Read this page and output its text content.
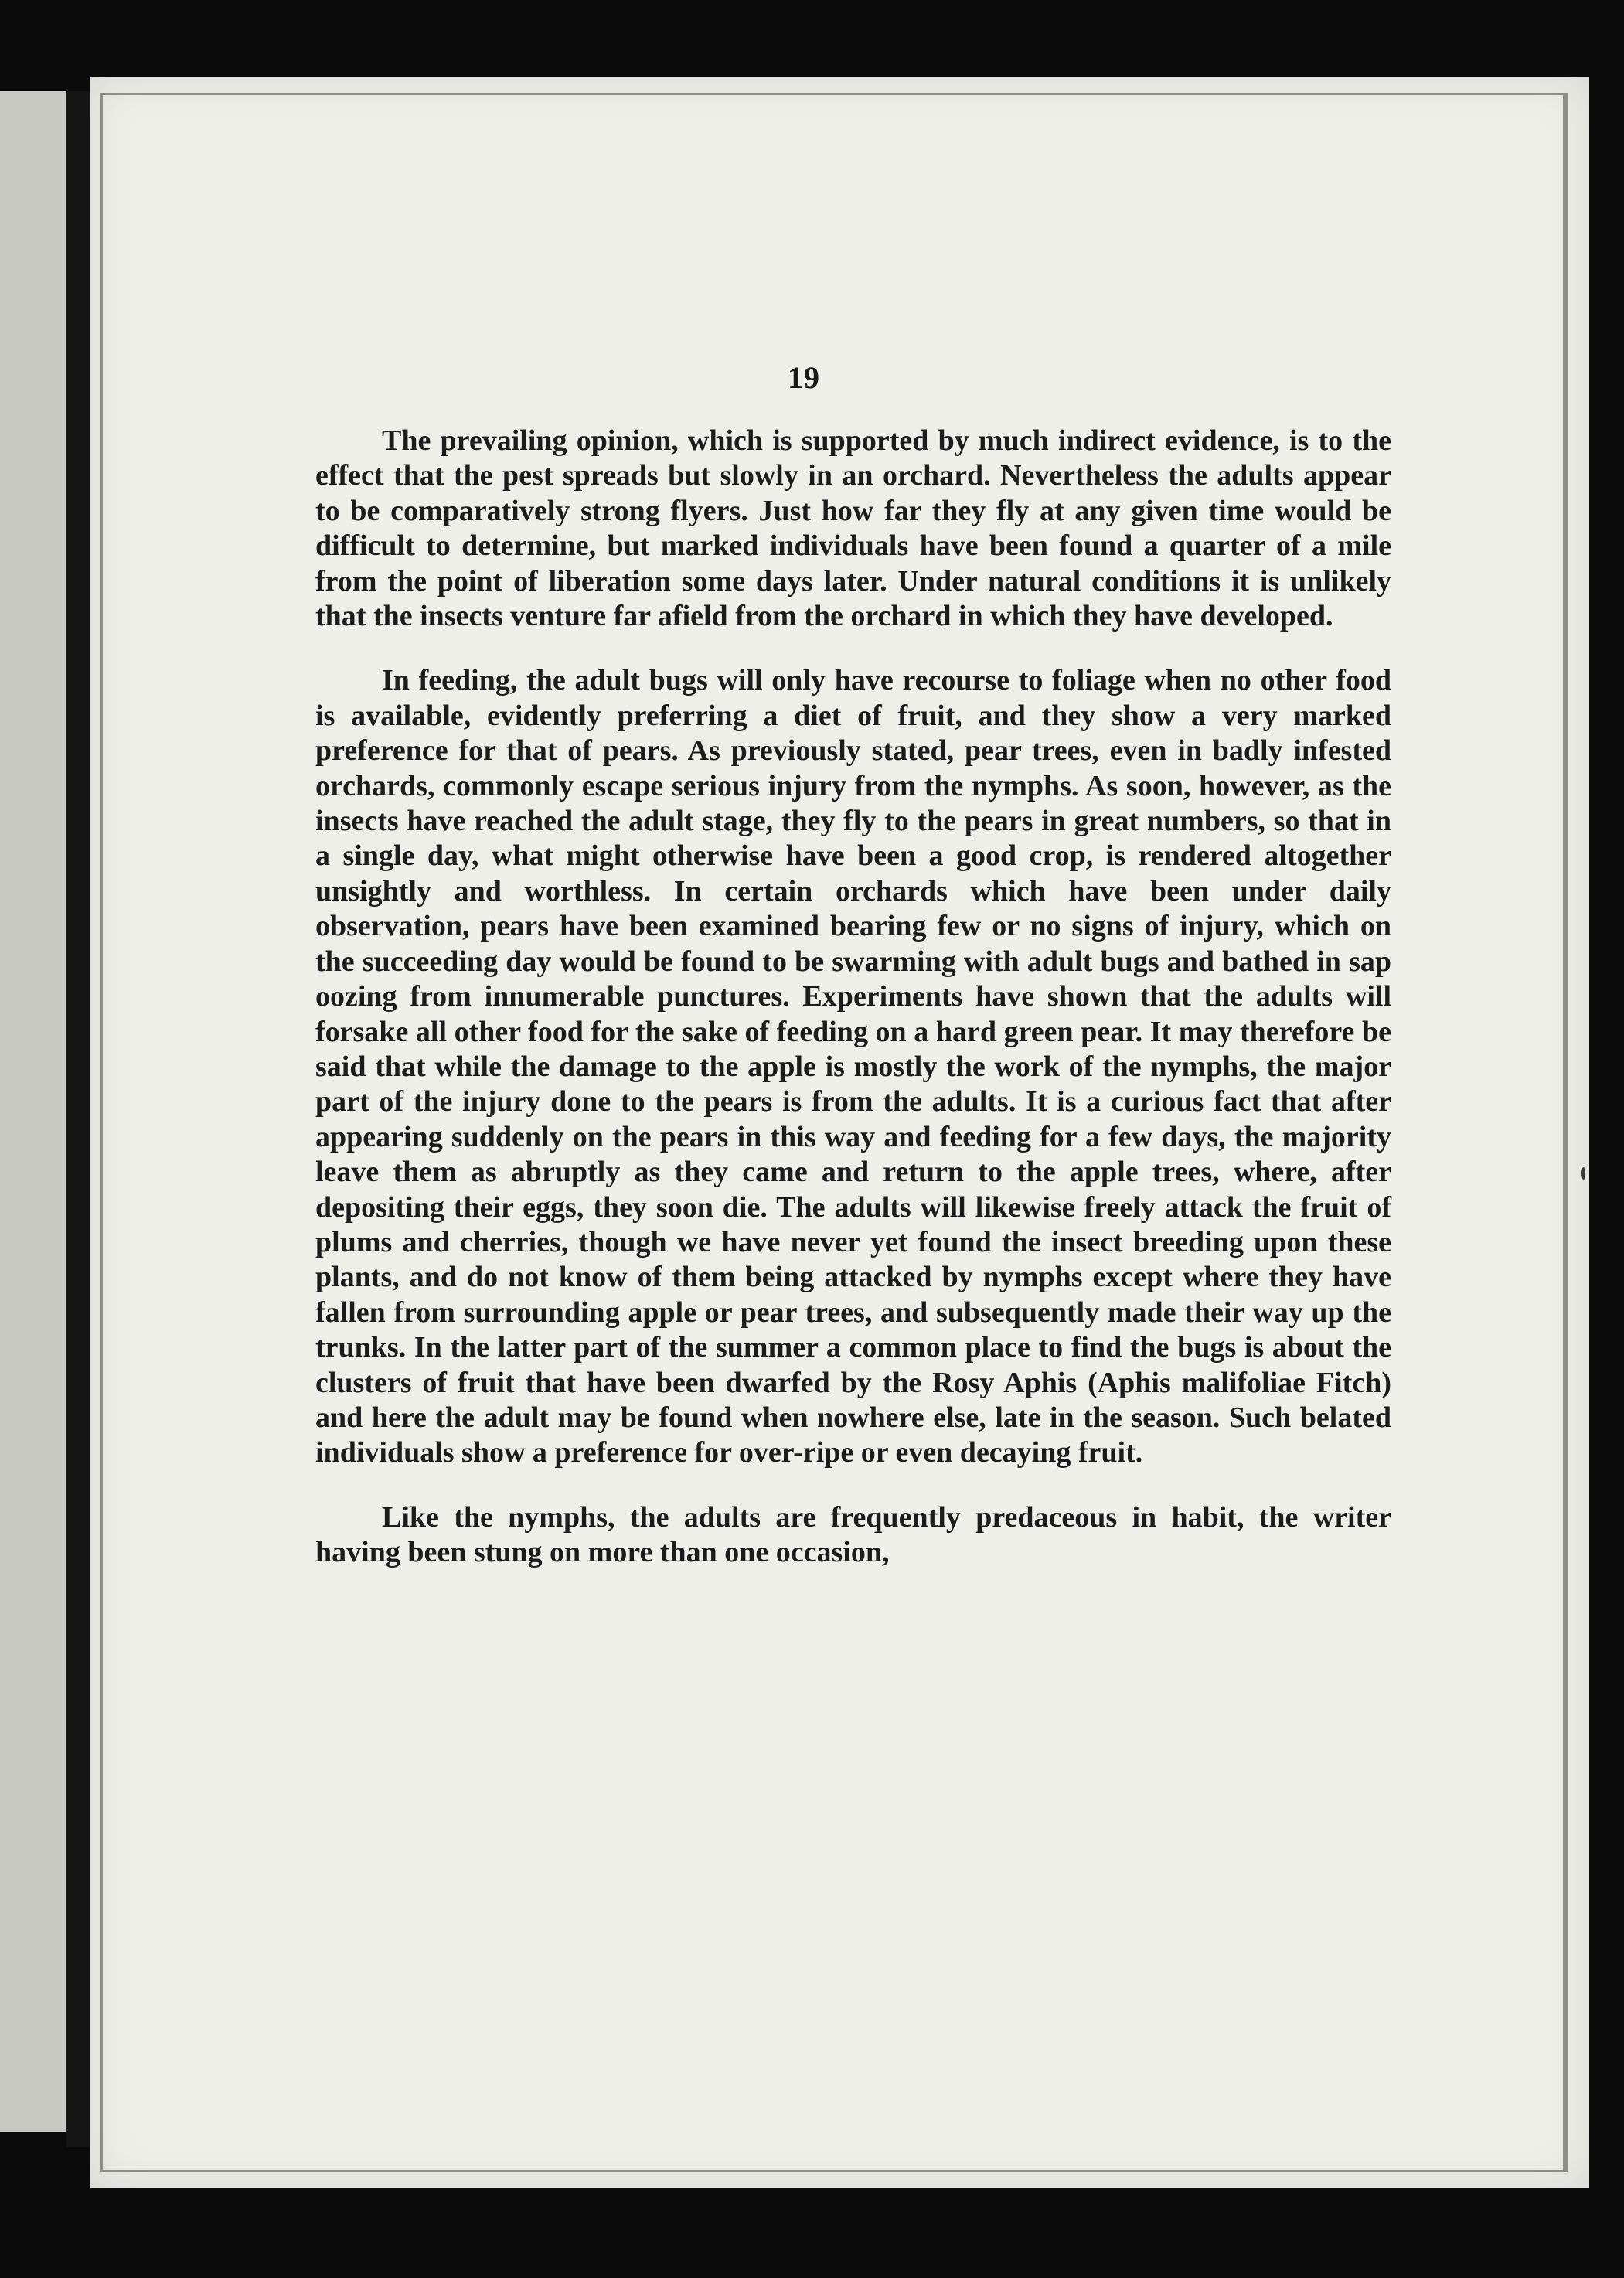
19

The prevailing opinion, which is supported by much indirect evidence, is to the effect that the pest spreads but slowly in an orchard. Nevertheless the adults appear to be comparatively strong flyers. Just how far they fly at any given time would be difficult to determine, but marked individuals have been found a quarter of a mile from the point of liberation some days later. Under natural conditions it is unlikely that the insects venture far afield from the orchard in which they have developed.

In feeding, the adult bugs will only have recourse to foliage when no other food is available, evidently preferring a diet of fruit, and they show a very marked preference for that of pears. As previously stated, pear trees, even in badly infested orchards, commonly escape serious injury from the nymphs. As soon, however, as the insects have reached the adult stage, they fly to the pears in great numbers, so that in a single day, what might otherwise have been a good crop, is rendered altogether unsightly and worthless. In certain orchards which have been under daily observation, pears have been examined bearing few or no signs of injury, which on the succeeding day would be found to be swarming with adult bugs and bathed in sap oozing from innumerable punctures. Experiments have shown that the adults will forsake all other food for the sake of feeding on a hard green pear. It may therefore be said that while the damage to the apple is mostly the work of the nymphs, the major part of the injury done to the pears is from the adults. It is a curious fact that after appearing suddenly on the pears in this way and feeding for a few days, the majority leave them as abruptly as they came and return to the apple trees, where, after depositing their eggs, they soon die. The adults will likewise freely attack the fruit of plums and cherries, though we have never yet found the insect breeding upon these plants, and do not know of them being attacked by nymphs except where they have fallen from surrounding apple or pear trees, and subsequently made their way up the trunks. In the latter part of the summer a common place to find the bugs is about the clusters of fruit that have been dwarfed by the Rosy Aphis (Aphis malifoliae Fitch) and here the adult may be found when nowhere else, late in the season. Such belated individuals show a preference for over-ripe or even decaying fruit.

Like the nymphs, the adults are frequently predaceous in habit, the writer having been stung on more than one occasion,
